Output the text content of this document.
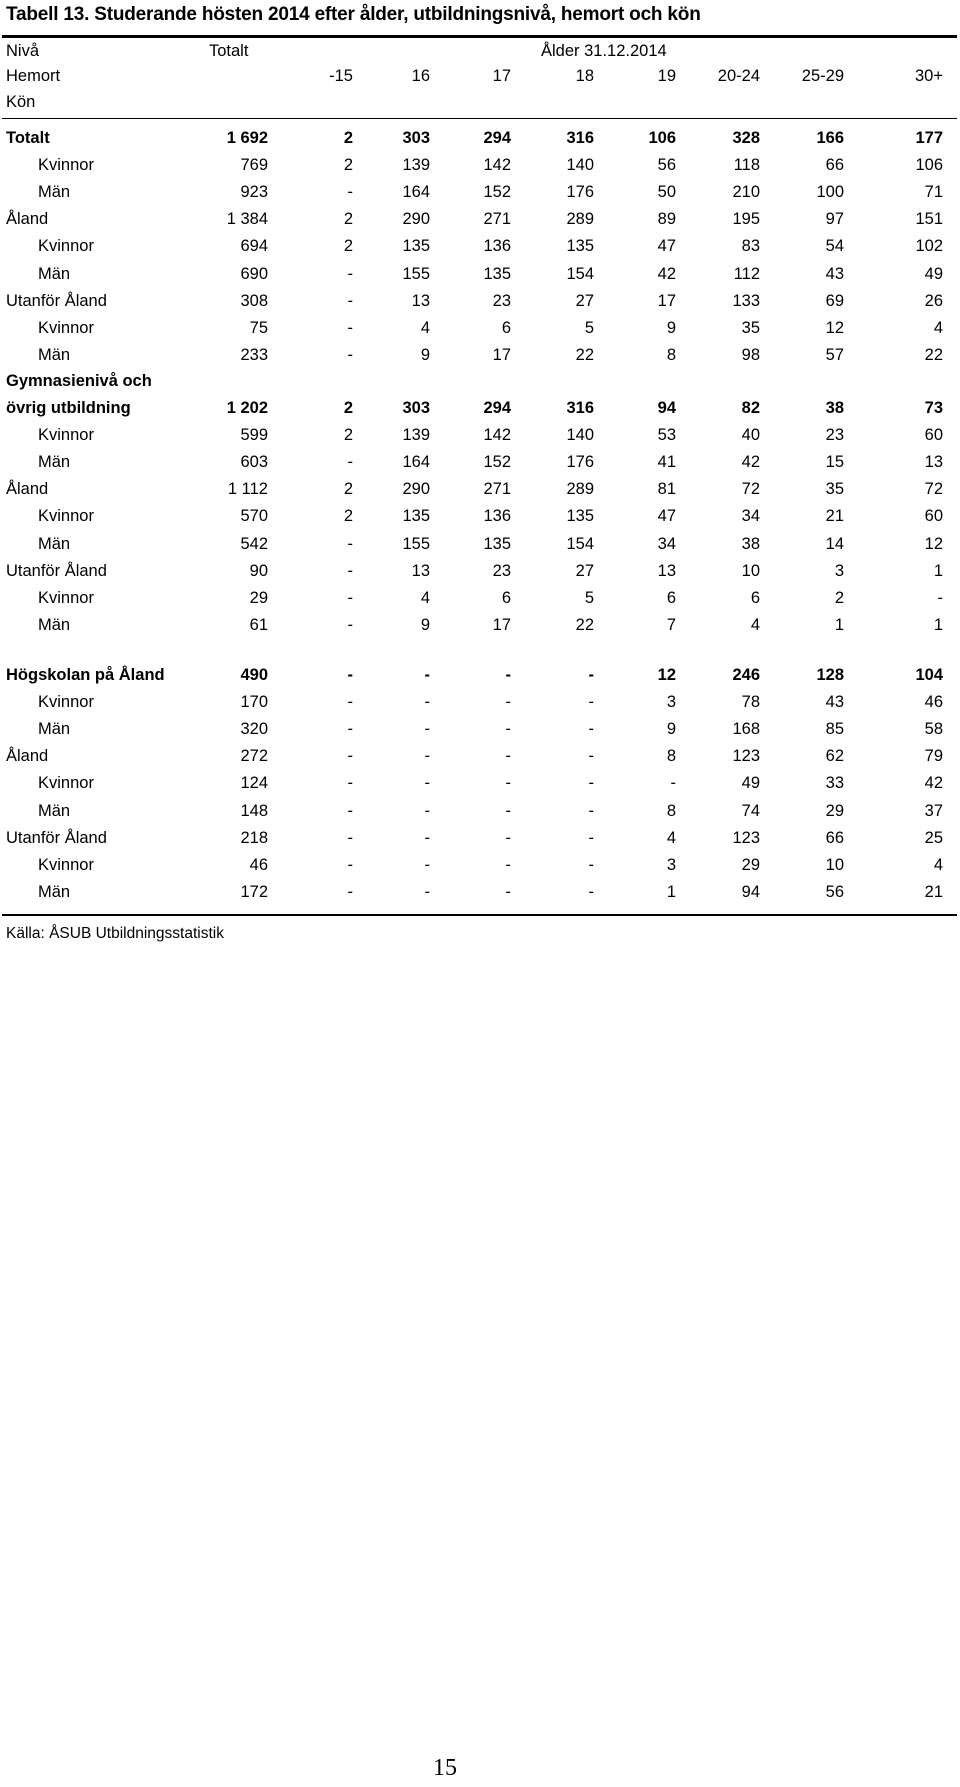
Tabell 13. Studerande hösten 2014 efter ålder, utbildningsnivå, hemort och kön
Nivå	Totalt	Ålder 31.12.2014
Hemort
Kön
-15	16	17	18	19	20-24	25-29	30+
Totalt	1 692	2	303	294	316	106	328	166	177
Kvinnor	769	2	139	142	140	56	118	66	106
Män	923	-	164	152	176	50	210	100	71
Åland	1 384	2	290	271	289	89	195	97	151
Kvinnor	694	2	135	136	135	47	83	54	102
Män	690	-	155	135	154	42	112	43	49
Utanför Åland	308	-	13	23	27	17	133	69	26
Kvinnor	75	-	4	6	5	9	35	12	4
Män	233	-	9	17	22	8	98	57	22
Gymnasienivå och
övrig utbildning	1 202	2	303	294	316	94	82	38	73
Kvinnor	599	2	139	142	140	53	40	23	60
Män	603	-	164	152	176	41	42	15	13
Åland	1 112	2	290	271	289	81	72	35	72
Kvinnor	570	2	135	136	135	47	34	21	60
Män	542	-	155	135	154	34	38	14	12
Utanför Åland	90	-	13	23	27	13	10	3	1
Kvinnor	29	-	4	6	5	6	6	2	-
Män	61	-	9	17	22	7	4	1	1
Högskolan på Åland	490	-	-	-	-	12	246	128	104
Kvinnor	170	-	-	-	-	3	78	43	46
Män	320	-	-	-	-	9	168	85	58
Åland	272	-	-	-	-	8	123	62	79
Kvinnor	124	-	-	-	-	-	49	33	42
Män	148	-	-	-	-	8	74	29	37
Utanför Åland	218	-	-	-	-	4	123	66	25
Kvinnor	46	-	-	-	-	3	29	10	4
Män	172	-	-	-	-	1	94	56	21
Källa: ÅSUB Utbildningsstatistik
15
